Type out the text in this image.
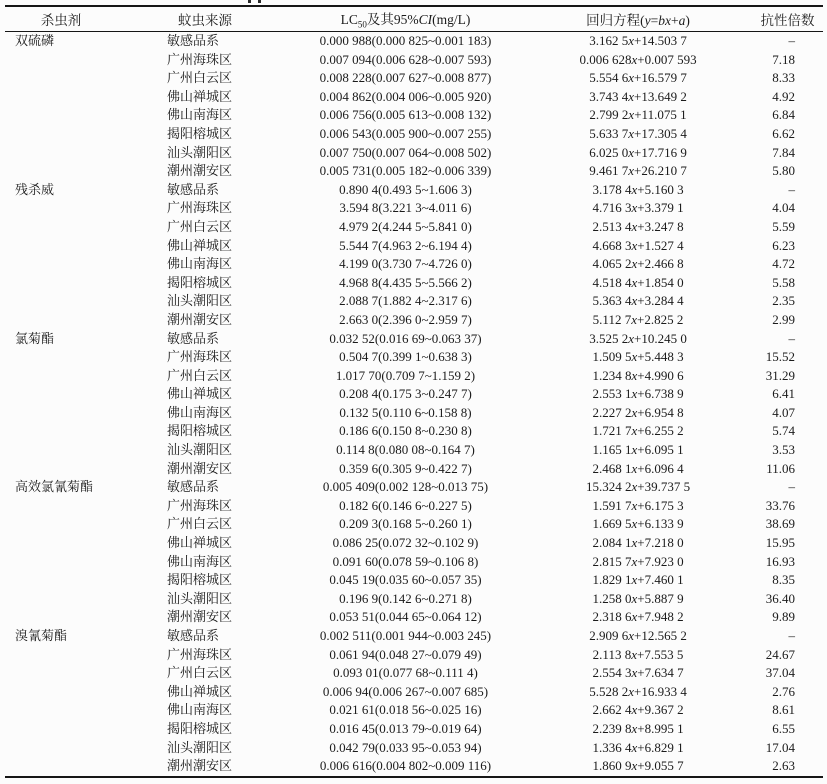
杀虫剂	蚊虫来源	$LC_{50}$及其95%CI(mg/L)	回归方程(y=bx+a)	抗性倍数
双硫磷	敏感品系	0.000 988(0.000 825~0.001 183)	3.162 5x+14.503 7	–
	广州海珠区	0.007 094(0.006 628~0.007 593)	0.006 628x+0.007 593	7.18
	广州白云区	0.008 228(0.007 627~0.008 877)	5.554 6x+16.579 7	8.33
	佛山禅城区	0.004 862(0.004 006~0.005 920)	3.743 4x+13.649 2	4.92
	佛山南海区	0.006 756(0.005 613~0.008 132)	2.799 2x+11.075 1	6.84
	揭阳榕城区	0.006 543(0.005 900~0.007 255)	5.633 7x+17.305 4	6.62
	汕头潮阳区	0.007 750(0.007 064~0.008 502)	6.025 0x+17.716 9	7.84
	潮州潮安区	0.005 731(0.005 182~0.006 339)	9.461 7x+26.210 7	5.80
残杀威	敏感品系	0.890 4(0.493 5~1.606 3)	3.178 4x+5.160 3	–
	广州海珠区	3.594 8(3.221 3~4.011 6)	4.716 3x+3.379 1	4.04
	广州白云区	4.979 2(4.244 5~5.841 0)	2.513 4x+3.247 8	5.59
	佛山禅城区	5.544 7(4.963 2~6.194 4)	4.668 3x+1.527 4	6.23
	佛山南海区	4.199 0(3.730 7~4.726 0)	4.065 2x+2.466 8	4.72
	揭阳榕城区	4.968 8(4.435 5~5.566 2)	4.518 4x+1.854 0	5.58
	汕头潮阳区	2.088 7(1.882 4~2.317 6)	5.363 4x+3.284 4	2.35
	潮州潮安区	2.663 0(2.396 0~2.959 7)	5.112 7x+2.825 2	2.99
氯菊酯	敏感品系	0.032 52(0.016 69~0.063 37)	3.525 2x+10.245 0	–
	广州海珠区	0.504 7(0.399 1~0.638 3)	1.509 5x+5.448 3	15.52
	广州白云区	1.017 70(0.709 7~1.159 2)	1.234 8x+4.990 6	31.29
	佛山禅城区	0.208 4(0.175 3~0.247 7)	2.553 1x+6.738 9	6.41
	佛山南海区	0.132 5(0.110 6~0.158 8)	2.227 2x+6.954 8	4.07
	揭阳榕城区	0.186 6(0.150 8~0.230 8)	1.721 7x+6.255 2	5.74
	汕头潮阳区	0.114 8(0.080 08~0.164 7)	1.165 1x+6.095 1	3.53
	潮州潮安区	0.359 6(0.305 9~0.422 7)	2.468 1x+6.096 4	11.06
高效氯氰菊酯	敏感品系	0.005 409(0.002 128~0.013 75)	15.324 2x+39.737 5	–
	广州海珠区	0.182 6(0.146 6~0.227 5)	1.591 7x+6.175 3	33.76
	广州白云区	0.209 3(0.168 5~0.260 1)	1.669 5x+6.133 9	38.69
	佛山禅城区	0.086 25(0.072 32~0.102 9)	2.084 1x+7.218 0	15.95
	佛山南海区	0.091 60(0.078 59~0.106 8)	2.815 7x+7.923 0	16.93
	揭阳榕城区	0.045 19(0.035 60~0.057 35)	1.829 1x+7.460 1	8.35
	汕头潮阳区	0.196 9(0.142 6~0.271 8)	1.258 0x+5.887 9	36.40
	潮州潮安区	0.053 51(0.044 65~0.064 12)	2.318 6x+7.948 2	9.89
溴氰菊酯	敏感品系	0.002 511(0.001 944~0.003 245)	2.909 6x+12.565 2	–
	广州海珠区	0.061 94(0.048 27~0.079 49)	2.113 8x+7.553 5	24.67
	广州白云区	0.093 01(0.077 68~0.111 4)	2.554 3x+7.634 7	37.04
	佛山禅城区	0.006 94(0.006 267~0.007 685)	5.528 2x+16.933 4	2.76
	佛山南海区	0.021 61(0.018 56~0.025 16)	2.662 4x+9.367 2	8.61
	揭阳榕城区	0.016 45(0.013 79~0.019 64)	2.239 8x+8.995 1	6.55
	汕头潮阳区	0.042 79(0.033 95~0.053 94)	1.336 4x+6.829 1	17.04
	潮州潮安区	0.006 616(0.004 802~0.009 116)	1.860 9x+9.055 7	2.63
